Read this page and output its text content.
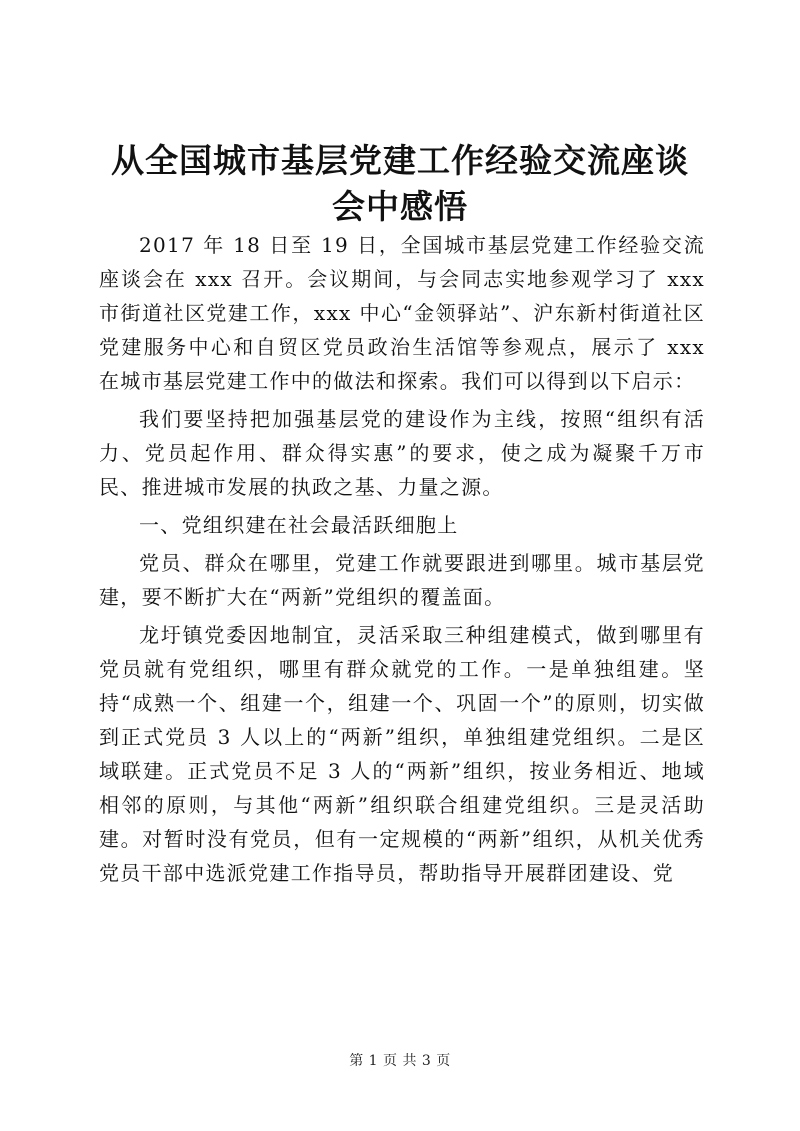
从全国城市基层党建工作经验交流座谈会中感悟

2017 年 18 日至 19 日，全国城市基层党建工作经验交流座谈会在 xxx 召开。会议期间，与会同志实地参观学习了 xxx 市街道社区党建工作，xxx 中心“金领驿站”、沪东新村街道社区党建服务中心和自贸区党员政治生活馆等参观点，展示了 xxx 在城市基层党建工作中的做法和探索。我们可以得到以下启示：

我们要坚持把加强基层党的建设作为主线，按照“组织有活力、党员起作用、群众得实惠”的要求，使之成为凝聚千万市民、推进城市发展的执政之基、力量之源。

一、党组织建在社会最活跃细胞上

党员、群众在哪里，党建工作就要跟进到哪里。城市基层党建，要不断扩大在“两新”党组织的覆盖面。

龙圩镇党委因地制宜，灵活采取三种组建模式，做到哪里有党员就有党组织，哪里有群众就党的工作。一是单独组建。坚持“成熟一个、组建一个，组建一个、巩固一个”的原则，切实做到正式党员 3 人以上的“两新”组织，单独组建党组织。二是区域联建。正式党员不足 3 人的“两新”组织，按业务相近、地域相邻的原则，与其他“两新”组织联合组建党组织。三是灵活助建。对暂时没有党员，但有一定规模的“两新”组织，从机关优秀党员干部中选派党建工作指导员，帮助指导开展群团建设、党

第 1 页 共 3 页
